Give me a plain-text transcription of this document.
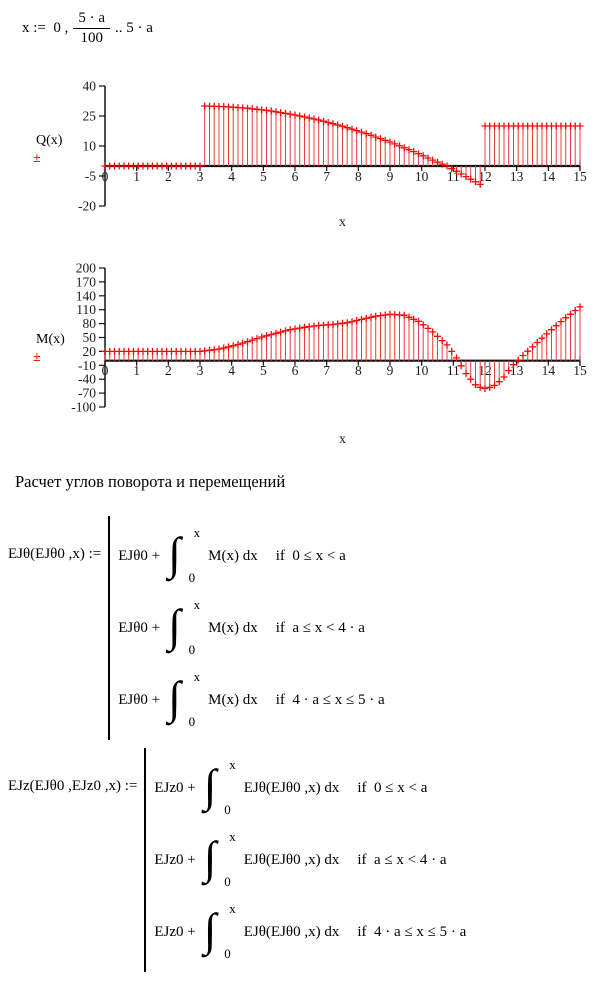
x :=  0 , $\frac{5 \cdot a}{100}$ .. 5 · a
Q(x)
±
40
25
10
-5
-20
0 1 2 3 4 5 6 7 8 9 10 11 12 13 14 15
x
M(x)
±
200
170
140
110
80
50
20
-10
-40
-70
-100
0 1 2 3 4 5 6 7 8 9 10 11 12 13 14 15
x
Расчет углов поворота и перемещений
EJθ(EJθ0 ,x) := EJθ0 +

∫

x

0

M(x) dx if  0 ≤ x < a
EJθ0 +

∫

x

0

M(x) dx if  a ≤ x < 4 · a
EJθ0 +

∫

x

0

M(x) dx if  4 · a ≤ x ≤ 5 · a
EJz(EJθ0 ,EJz0 ,x) := EJz0 +

∫

x

0

EJθ(EJθ0 ,x) dx if  0 ≤ x < a
EJz0 +

∫

x

0

EJθ(EJθ0 ,x) dx if  a ≤ x < 4 · a
EJz0 +

∫

x

0

EJθ(EJθ0 ,x) dx if  4 · a ≤ x ≤ 5 · a
